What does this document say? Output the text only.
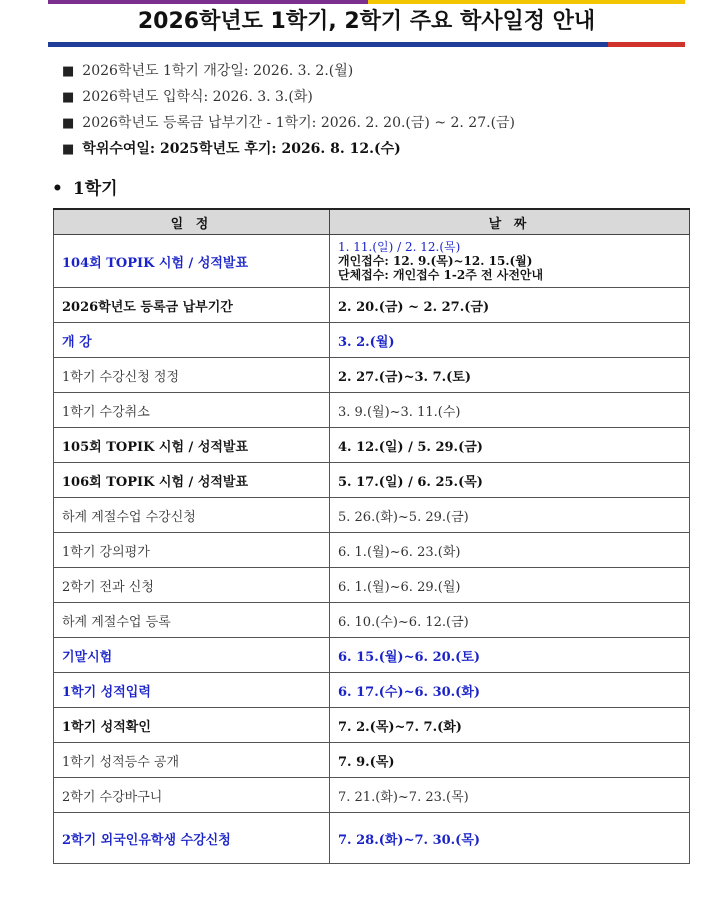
2026학년도 1학기, 2학기 주요 학사일정 안내
■ 2026학년도 1학기 개강일: 2026. 3. 2.(월)
■ 2026학년도 입학식: 2026. 3. 3.(화)
■ 2026학년도 등록금 납부기간 - 1학기: 2026. 2. 20.(금) ~ 2. 27.(금)
■ 학위수여일: 2025학년도 후기: 2026. 8. 12.(수)
• 1학기
일 정	날 짜
104회 TOPIK 시험 / 성적발표	1. 11.(일) / 2. 12.(목)
개인접수: 12. 9.(목)~12. 15.(월)
단체접수: 개인접수 1-2주 전 사전안내

2026학년도 등록금 납부기간	2. 20.(금) ~ 2. 27.(금)
개 강	3. 2.(월)
1학기 수강신청 정정	2. 27.(금)~3. 7.(토)
1학기 수강취소	3. 9.(월)~3. 11.(수)
105회 TOPIK 시험 / 성적발표	4. 12.(일) / 5. 29.(금)
106회 TOPIK 시험 / 성적발표	5. 17.(일) / 6. 25.(목)
하계 계절수업 수강신청	5. 26.(화)~5. 29.(금)
1학기 강의평가	6. 1.(월)~6. 23.(화)
2학기 전과 신청	6. 1.(월)~6. 29.(월)
하계 계절수업 등록	6. 10.(수)~6. 12.(금)
기말시험	6. 15.(월)~6. 20.(토)
1학기 성적입력	6. 17.(수)~6. 30.(화)
1학기 성적확인	7. 2.(목)~7. 7.(화)
1학기 성적등수 공개	7. 9.(목)
2학기 수강바구니	7. 21.(화)~7. 23.(목)
2학기 외국인유학생 수강신청	7. 28.(화)~7. 30.(목)
